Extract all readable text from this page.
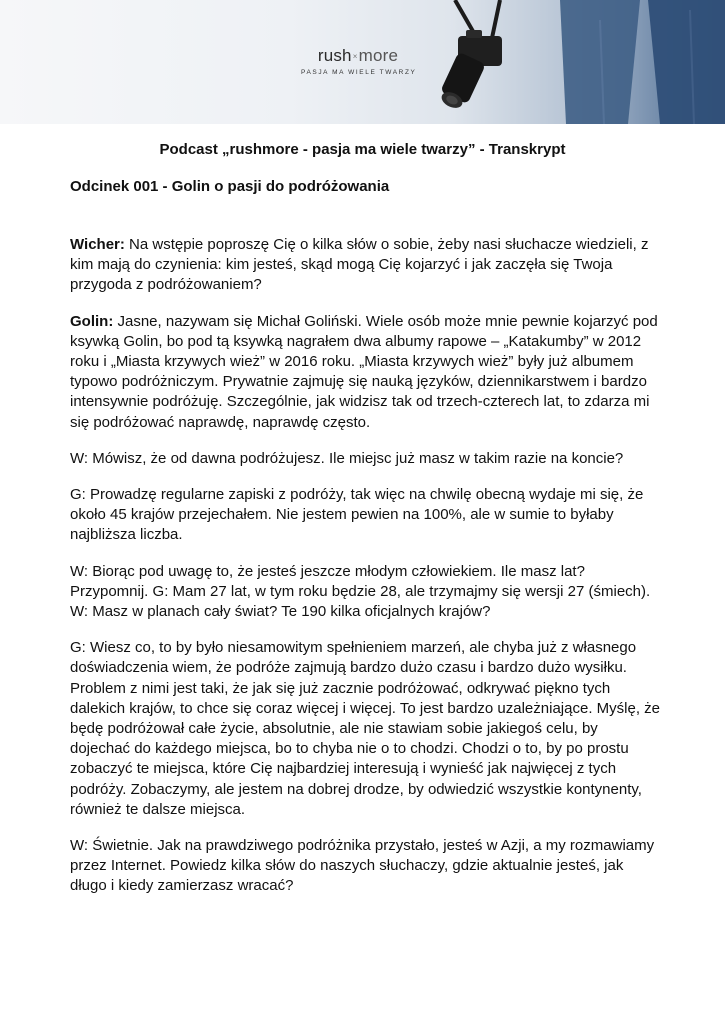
rush×more
PASJA MA WIELE TWARZY
Podcast „rushmore - pasja ma wiele twarzy” - Transkrypt
Odcinek 001 - Golin o pasji do podróżowania

Wicher: Na wstępie poproszę Cię o kilka słów o sobie, żeby nasi słuchacze wiedzieli, z kim mają do czynienia: kim jesteś, skąd mogą Cię kojarzyć i jak zaczęła się Twoja przygoda z podróżowaniem?

Golin: Jasne, nazywam się Michał Goliński. Wiele osób może mnie pewnie kojarzyć pod ksywką Golin, bo pod tą ksywką nagrałem dwa albumy rapowe – „Katakumby” w 2012 roku i „Miasta krzywych wież” w 2016 roku. „Miasta krzywych wież” były już albumem typowo podróżniczym. Prywatnie zajmuję się nauką języków, dziennikarstwem i bardzo intensywnie podróżuję. Szczególnie, jak widzisz tak od trzech-czterech lat, to zdarza mi się podróżować naprawdę, naprawdę często.

W: Mówisz, że od dawna podróżujesz. Ile miejsc już masz w takim razie na koncie?

G: Prowadzę regularne zapiski z podróży, tak więc na chwilę obecną wydaje mi się, że około 45 krajów przejechałem. Nie jestem pewien na 100%, ale w sumie to byłaby najbliższa liczba.

W: Biorąc pod uwagę to, że jesteś jeszcze młodym człowiekiem. Ile masz lat? Przypomnij. G: Mam 27 lat, w tym roku będzie 28, ale trzymajmy się wersji 27 (śmiech).

W: Masz w planach cały świat? Te 190 kilka oficjalnych krajów?

G: Wiesz co, to by było niesamowitym spełnieniem marzeń, ale chyba już z własnego doświadczenia wiem, że podróże zajmują bardzo dużo czasu i bardzo dużo wysiłku. Problem z nimi jest taki, że jak się już zacznie podróżować, odkrywać piękno tych dalekich krajów, to chce się coraz więcej i więcej. To jest bardzo uzależniające. Myślę, że będę podróżował całe życie, absolutnie, ale nie stawiam sobie jakiegoś celu, by dojechać do każdego miejsca, bo to chyba nie o to chodzi. Chodzi o to, by po prostu zobaczyć te miejsca, które Cię najbardziej interesują i wynieść jak najwięcej z tych podróży. Zobaczymy, ale jestem na dobrej drodze, by odwiedzić wszystkie kontynenty, również te dalsze miejsca.

W: Świetnie. Jak na prawdziwego podróżnika przystało, jesteś w Azji, a my rozmawiamy przez Internet. Powiedz kilka słów do naszych słuchaczy, gdzie aktualnie jesteś, jak długo i kiedy zamierzasz wracać?
